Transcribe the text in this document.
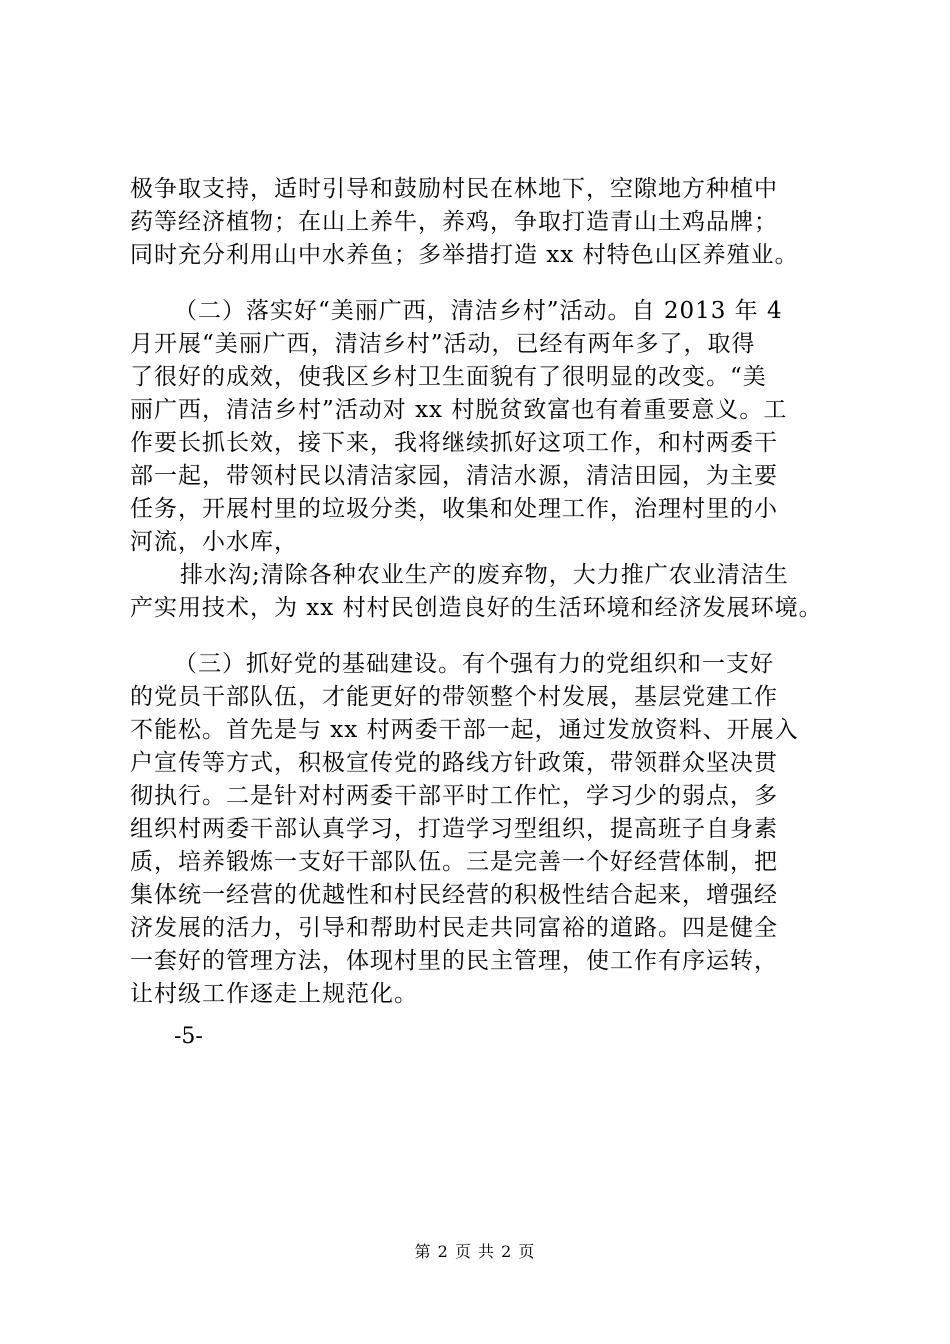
极争取支持，适时引导和鼓励村民在林地下，空隙地方种植中
药等经济植物；在山上养牛，养鸡，争取打造青山土鸡品牌；
同时充分利用山中水养鱼；多举措打造 xx 村特色山区养殖业。
（二）落实好“美丽广西，清洁乡村”活动。自 2013 年 4
月开展“美丽广西，清洁乡村”活动，已经有两年多了，取得
了很好的成效，使我区乡村卫生面貌有了很明显的改变。“美
丽广西，清洁乡村”活动对 xx 村脱贫致富也有着重要意义。工
作要长抓长效，接下来，我将继续抓好这项工作，和村两委干
部一起，带领村民以清洁家园，清洁水源，清洁田园，为主要
任务，开展村里的垃圾分类，收集和处理工作，治理村里的小
河流，小水库，
排水沟;清除各种农业生产的废弃物，大力推广农业清洁生
产实用技术，为 xx 村村民创造良好的生活环境和经济发展环境。
（三）抓好党的基础建设。有个强有力的党组织和一支好
的党员干部队伍，才能更好的带领整个村发展，基层党建工作
不能松。首先是与 xx 村两委干部一起，通过发放资料、开展入
户宣传等方式，积极宣传党的路线方针政策，带领群众坚决贯
彻执行。二是针对村两委干部平时工作忙，学习少的弱点，多
组织村两委干部认真学习，打造学习型组织，提高班子自身素
质，培养锻炼一支好干部队伍。三是完善一个好经营体制，把
集体统一经营的优越性和村民经营的积极性结合起来，增强经
济发展的活力，引导和帮助村民走共同富裕的道路。四是健全
一套好的管理方法，体现村里的民主管理，使工作有序运转，
让村级工作逐走上规范化。
-5-
第 2 页 共 2 页
